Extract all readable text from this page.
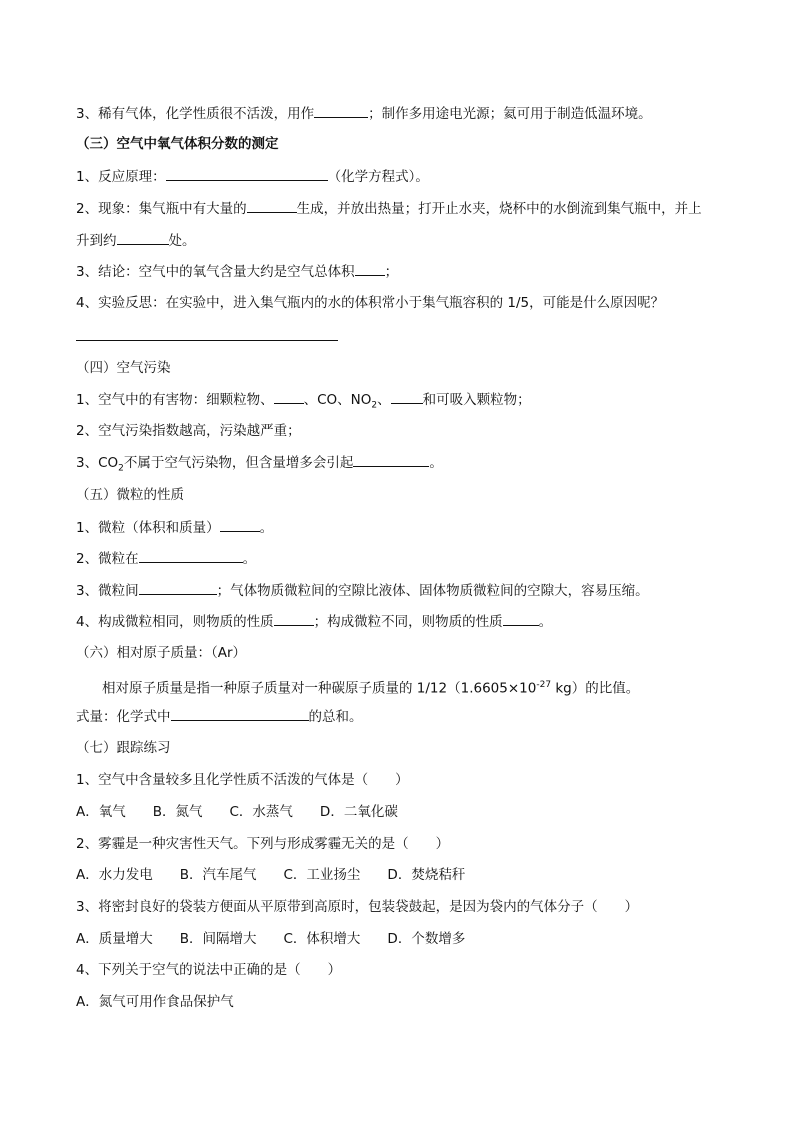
3、稀有气体，化学性质很不活泼，用作	；制作多用途电光源；氦可用于制造低温环境。
（三）空气中氧气体积分数的测定
1、反应原理：	（化学方程式）。
2、现象：集气瓶中有大量的	生成，并放出热量；打开止水夹，烧杯中的水倒流到集气瓶中，并上
升到约	处。
3、结论：空气中的氧气含量大约是空气总体积 ；
4、实验反思：在实验中，进入集气瓶内的水的体积常小于集气瓶容积的 1/5，可能是什么原因呢？
（四）空气污染
1、空气中的有害物：细颗粒物、 、CO、$NO_2$、 和可吸入颗粒物；
2、空气污染指数越高，污染越严重；
3、$CO_2$不属于空气污染物，但含量增多会引起	。
（五）微粒的性质
1、微粒（体积和质量）	。
2、微粒在	。
3、微粒间	；气体物质微粒间的空隙比液体、固体物质微粒间的空隙大，容易压缩。
4、构成微粒相同，则物质的性质	；构成微粒不同，则物质的性质	。
（六）相对原子质量：（Ar）
相对原子质量是指一种原子质量对一种碳原子质量的 $1/12(1.6605\times 10^{-27}$ kg）的比值。
式量：化学式中	的总和。
（七）跟踪练习
1、空气中含量较多且化学性质不活泼的气体是（　　）
A．氧气　　B．氮气　　C．水蒸气　　D．二氧化碳
2、雾霾是一种灾害性天气。下列与形成雾霾无关的是（　　）
A．水力发电　　B．汽车尾气　　C．工业扬尘　　D．焚烧秸秆
3、将密封良好的袋装方便面从平原带到高原时，包装袋鼓起，是因为袋内的气体分子（　　）
A．质量增大　　B．间隔增大　　C．体积增大　　D．个数增多
4、下列关于空气的说法中正确的是（　　）
A．氮气可用作食品保护气
